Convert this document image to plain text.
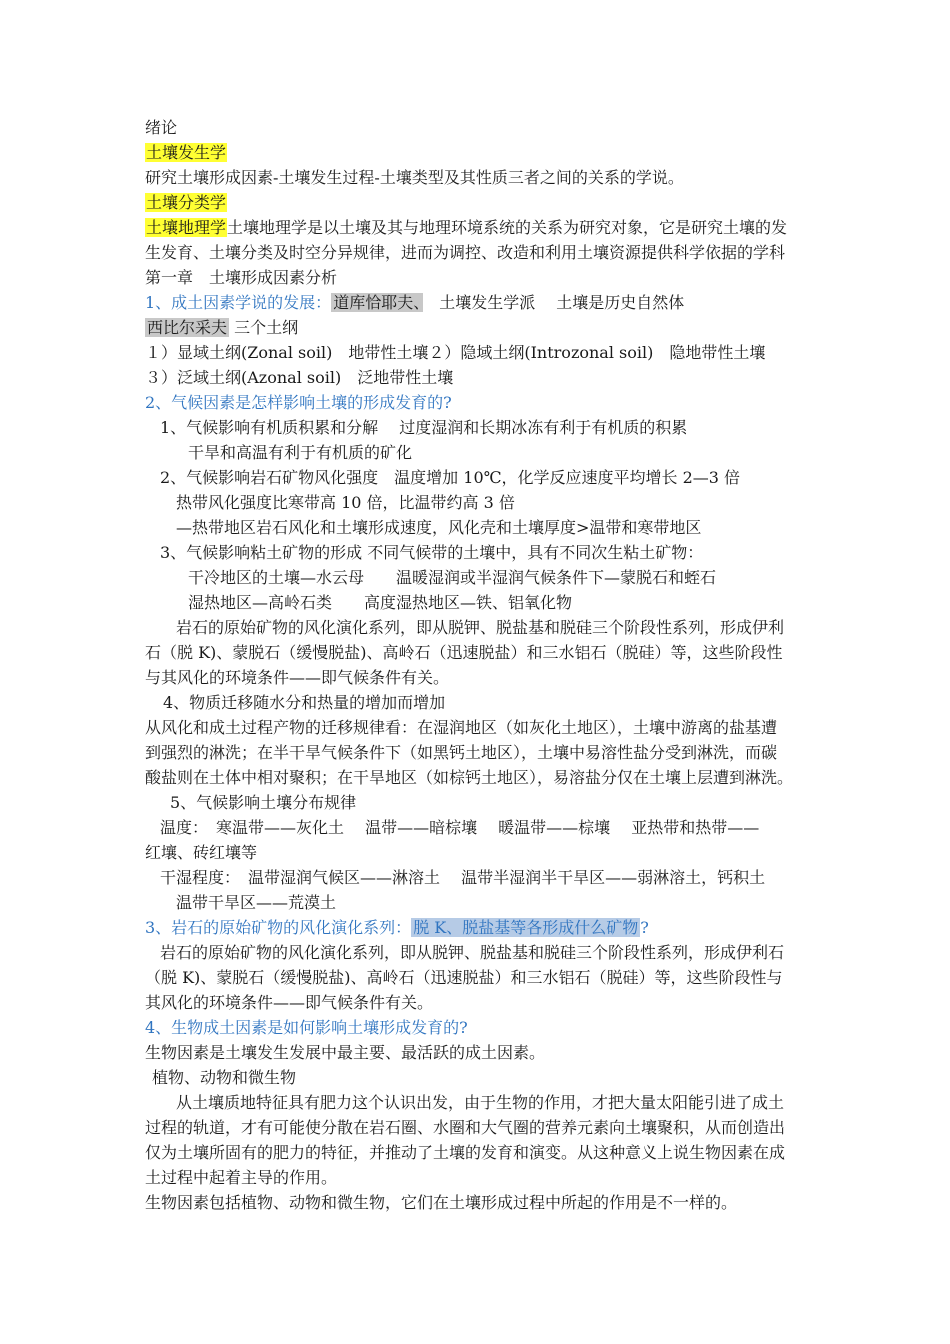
绪论
土壤发生学
研究土壤形成因素-土壤发生过程-土壤类型及其性质三者之间的关系的学说。
土壤分类学
土壤地理学土壤地理学是以土壤及其与地理环境系统的关系为研究对象，它是研究土壤的发
生发育、土壤分类及时空分异规律，进而为调控、改造和利用土壤资源提供科学依据的学科
第一章　土壤形成因素分析
1、成土因素学说的发展： 道库恰耶夫、　土壤发生学派　 土壤是历史自然体
西比尔采夫 三个土纲
１）显域土纲(Zonal soil)　地带性土壤２）隐域土纲(Introzonal soil)　隐地带性土壤
３）泛域土纲(Azonal soil)　泛地带性土壤
2、气候因素是怎样影响土壤的形成发育的?
1、气候影响有机质积累和分解　 过度湿润和长期冰冻有利于有机质的积累
干旱和高温有利于有机质的矿化
2、气候影响岩石矿物风化强度　温度增加 10℃，化学反应速度平均增长 2—3 倍
热带风化强度比寒带高 10 倍，比温带约高 3 倍
—热带地区岩石风化和土壤形成速度，风化壳和土壤厚度>温带和寒带地区
3、气候影响粘土矿物的形成 不同气候带的土壤中，具有不同次生粘土矿物：
干冷地区的土壤—水云母　　温暖湿润或半湿润气候条件下—蒙脱石和蛭石
湿热地区—高岭石类　　高度湿热地区—铁、铝氧化物
岩石的原始矿物的风化演化系列，即从脱钾、脱盐基和脱硅三个阶段性系列，形成伊利
石（脱 K)、蒙脱石（缓慢脱盐)、高岭石（迅速脱盐）和三水铝石（脱硅）等，这些阶段性
与其风化的环境条件——即气候条件有关。
4、物质迁移随水分和热量的增加而增加
从风化和成土过程产物的迁移规律看：在湿润地区（如灰化土地区），土壤中游离的盐基遭
到强烈的淋洗；在半干旱气候条件下（如黑钙土地区），土壤中易溶性盐分受到淋洗，而碳
酸盐则在土体中相对聚积；在干旱地区（如棕钙土地区），易溶盐分仅在土壤上层遭到淋洗。
5、气候影响土壤分布规律
温度：　寒温带——灰化土　 温带——暗棕壤　 暖温带——棕壤　 亚热带和热带——
红壤、砖红壤等
干湿程度：　温带湿润气候区——淋溶土　 温带半湿润半干旱区——弱淋溶土，钙积土
温带干旱区——荒漠土
3、岩石的原始矿物的风化演化系列： 脱 K、脱盐基等各形成什么矿物 ?
岩石的原始矿物的风化演化系列，即从脱钾、脱盐基和脱硅三个阶段性系列，形成伊利石
（脱 K)、蒙脱石（缓慢脱盐)、高岭石（迅速脱盐）和三水铝石（脱硅）等，这些阶段性与
其风化的环境条件——即气候条件有关。
4、生物成土因素是如何影响土壤形成发育的?
生物因素是土壤发生发展中最主要、最活跃的成土因素。
植物、动物和微生物
从土壤质地特征具有肥力这个认识出发，由于生物的作用，才把大量太阳能引进了成土
过程的轨道，才有可能使分散在岩石圈、水圈和大气圈的营养元素向土壤聚积，从而创造出
仅为土壤所固有的肥力的特征，并推动了土壤的发育和演变。从这种意义上说生物因素在成
土过程中起着主导的作用。
生物因素包括植物、动物和微生物，它们在土壤形成过程中所起的作用是不一样的。
